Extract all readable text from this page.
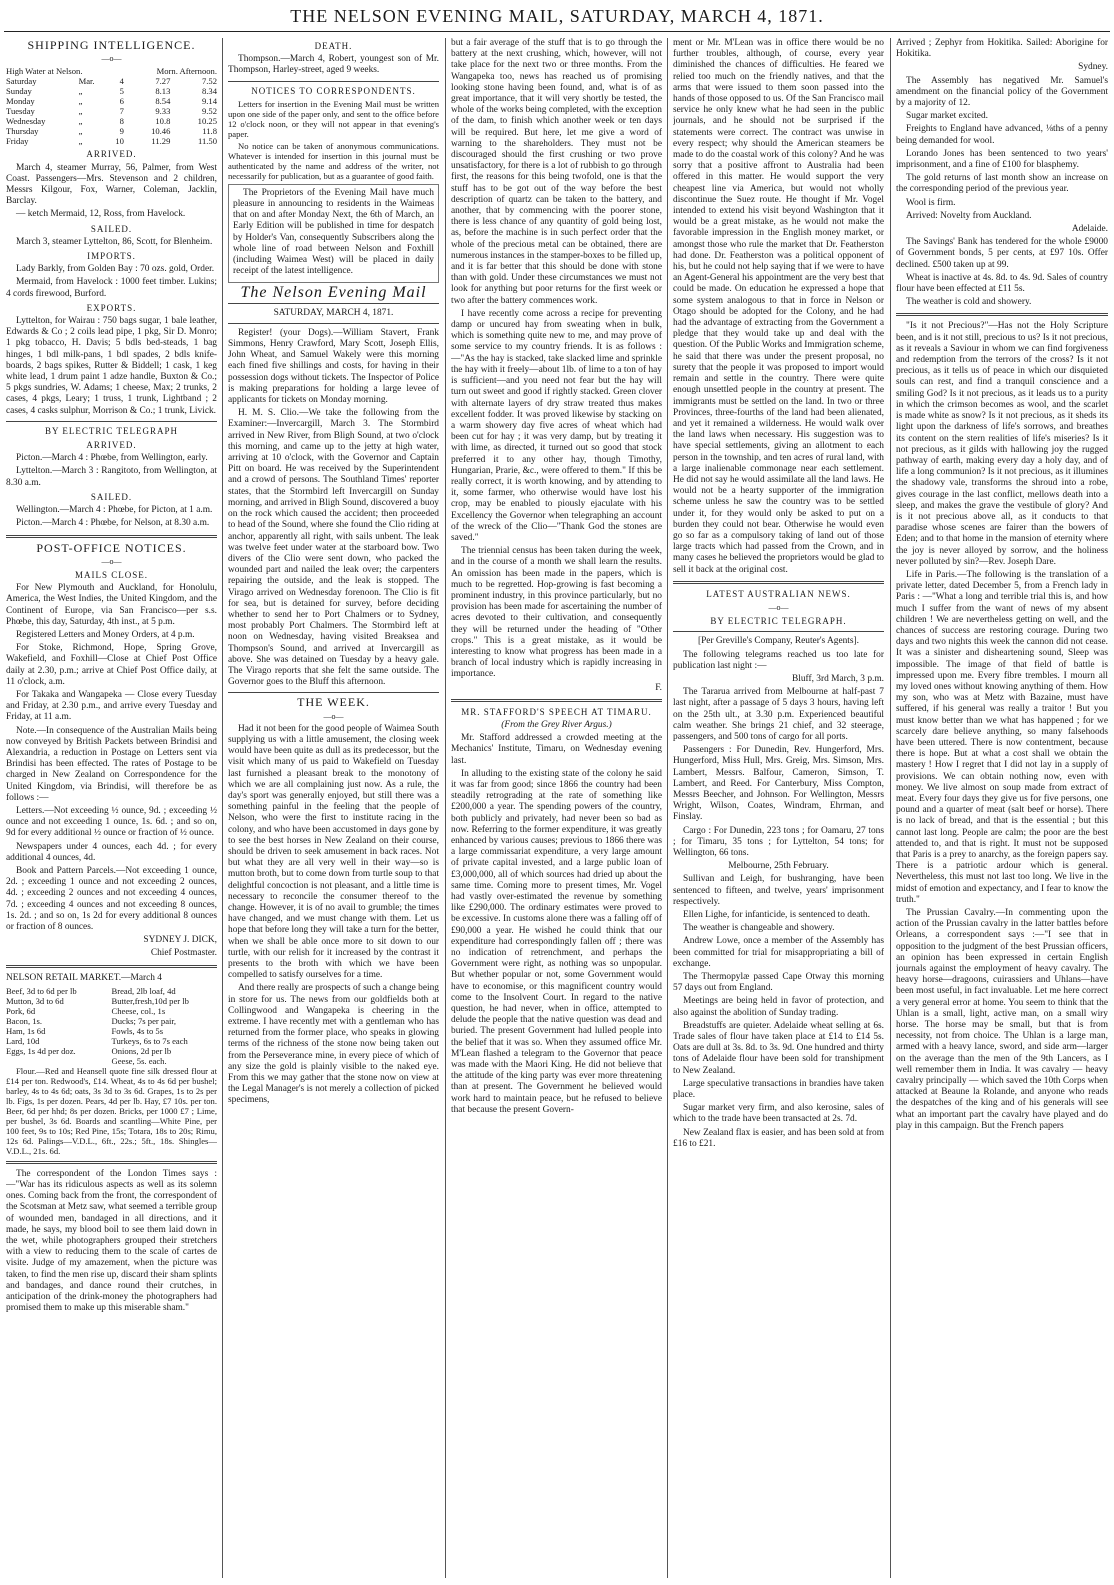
THE NELSON EVENING MAIL, SATURDAY, MARCH 4, 1871.
SHIPPING INTELLIGENCE.
—o—
High Water at Nelson.			Morn. Afternoon.	
Saturday	Mar.	4	7.27	7.52
Sunday	„	5	8.13	8.34
Monday	„	6	8.54	9.14
Tuesday	„	7	9.33	9.52
Wednesday	„	8	10.8	10.25
Thursday	„	9	10.46	11.8
Friday	„	10	11.29	11.50
ARRIVED.

March 4, steamer Murray, 56, Palmer, from West Coast. Passengers—Mrs. Stevenson and 2 children, Messrs Kilgour, Fox, Warner, Coleman, Jacklin, Barclay.

— ketch Mermaid, 12, Ross, from Havelock.

SAILED.

March 3, steamer Lyttelton, 86, Scott, for Blenheim.

IMPORTS.

Lady Barkly, from Golden Bay : 70 ozs. gold, Order.

Mermaid, from Havelock : 1000 feet timber. Lukins; 4 cords firewood, Burford.

EXPORTS.

Lyttelton, for Wairau : 750 bags sugar, 1 bale leather, Edwards & Co ; 2 coils lead pipe, 1 pkg, Sir D. Monro; 1 pkg tobacco, H. Davis; 5 bdls bed-steads, 1 bag hinges, 1 bdl milk-pans, 1 bdl spades, 2 bdls knife-boards, 2 bags spikes, Rutter & Biddell; 1 cask, 1 keg white lead, 1 drum paint 1 adze handle, Buxton & Co.; 5 pkgs sundries, W. Adams; 1 cheese, Max; 2 trunks, 2 cases, 4 pkgs, Leary; 1 truss, 1 trunk, Lightband ; 2 cases, 4 casks sulphur, Morrison & Co.; 1 trunk, Livick.

BY ELECTRIC TELEGRAPH
ARRIVED.

Picton.—March 4 : Phœbe, from Wellington, early.

Lyttelton.—March 3 : Rangitoto, from Wellington, at 8.30 a.m.

SAILED.

Wellington.—March 4 : Phœbe, for Picton, at 1 a.m.

Picton.—March 4 : Phœbe, for Nelson, at 8.30 a.m.

POST-OFFICE NOTICES.
—o—
MAILS CLOSE.

For New Plymouth and Auckland, for Honolulu, America, the West Indies, the United Kingdom, and the Continent of Europe, via San Francisco—per s.s. Phœbe, this day, Saturday, 4th inst., at 5 p.m.

Registered Letters and Money Orders, at 4 p.m.

For Stoke, Richmond, Hope, Spring Grove, Wakefield, and Foxhill—Close at Chief Post Office daily at 2.30, p.m.; arrive at Chief Post Office daily, at 11 o'clock, a.m.

For Takaka and Wangapeka — Close every Tuesday and Friday, at 2.30 p.m., and arrive every Tuesday and Friday, at 11 a.m.

Note.—In consequence of the Australian Mails being now conveyed by British Packets between Brindisi and Alexandria, a reduction in Postage on Letters sent via Brindisi has been effected. The rates of Postage to be charged in New Zealand on Correspondence for the United Kingdom, via Brindisi, will therefore be as follows :—

Letters.—Not exceeding ½ ounce, 9d. ; exceeding ½ ounce and not exceeding 1 ounce, 1s. 6d. ; and so on, 9d for every additional ½ ounce or fraction of ½ ounce.

Newspapers under 4 ounces, each 4d. ; for every additional 4 ounces, 4d.

Book and Pattern Parcels.—Not exceeding 1 ounce, 2d. ; exceeding 1 ounce and not exceeding 2 ounces, 4d. ; exceeding 2 ounces and not exceeding 4 ounces, 7d. ; exceeding 4 ounces and not exceeding 8 ounces, 1s. 2d. ; and so on, 1s 2d for every additional 8 ounces or fraction of 8 ounces.

SYDNEY J. DICK,

Chief Postmaster.

NELSON RETAIL MARKET.—March 4

Beef, 3d to 6d per lb	Bread, 2lb loaf, 4d
Mutton, 3d to 6d	Butter,fresh,10d per lb
Pork, 6d	Cheese, col., 1s
Bacon, 1s.	Ducks; 7s per pair,
Ham, 1s 6d	Fowls, 4s to 5s
Lard, 10d	Turkeys, 6s to 7s each
Eggs, 1s 4d per doz.	Onions, 2d per lb
	Geese, 5s. each.

Flour.—Red and Heansell quote fine silk dressed flour at £14 per ton. Redwood's, £14. Wheat, 4s to 4s 6d per bushel; barley, 4s to 4s 6d; oats, 3s 3d to 3s 6d. Grapes, 1s to 2s per lb. Figs, 1s per dozen. Pears, 4d per lb. Hay, £7 10s. per ton. Beer, 6d per hhd; 8s per dozen. Bricks, per 1000 £7 ; Lime, per bushel, 3s 6d. Boards and scantling—White Pine, per 100 feet, 9s to 10s; Red Pine, 15s; Totara, 18s to 20s; Rimu, 12s 6d. Palings—V.D.L., 6ft., 22s.; 5ft., 18s. Shingles—V.D.L., 21s. 6d.

The correspondent of the London Times says :—"War has its ridiculous aspects as well as its solemn ones. Coming back from the front, the correspondent of the Scotsman at Metz saw, what seemed a terrible group of wounded men, bandaged in all directions, and it made, he says, my blood boil to see them laid down in the wet, while photographers grouped their stretchers with a view to reducing them to the scale of cartes de visite. Judge of my amazement, when the picture was taken, to find the men rise up, discard their sham splints and bandages, and dance round their crutches, in anticipation of the drink-money the photographers had promised them to make up this miserable sham."

DEATH.

Thompson.—March 4, Robert, youngest son of Mr. Thompson, Harley-street, aged 9 weeks.

NOTICES TO CORRESPONDENTS.

Letters for insertion in the Evening Mail must be written upon one side of the paper only, and sent to the office before 12 o'clock noon, or they will not appear in that evening's paper.

No notice can be taken of anonymous communications. Whatever is intended for insertion in this journal must be authenticated by the name and address of the writer, not necessarily for publication, but as a guarantee of good faith.

The Proprietors of the Evening Mail have much pleasure in announcing to residents in the Waimeas that on and after Monday Next, the 6th of March, an Early Edition will be published in time for despatch by Holder's Van, consequently Subscribers along the whole line of road between Nelson and Foxhill (including Waimea West) will be placed in daily receipt of the latest intelligence.

The Nelson Evening Mail

SATURDAY, MARCH 4, 1871.

Register! (your Dogs).—William Stavert, Frank Simmons, Henry Crawford, Mary Scott, Joseph Ellis, John Wheat, and Samuel Wakely were this morning each fined five shillings and costs, for having in their possession dogs without tickets. The Inspector of Police is making preparations for holding a large levee of applicants for tickets on Monday morning.

H. M. S. Clio.—We take the following from the Examiner:—Invercargill, March 3. The Stormbird arrived in New River, from Bligh Sound, at two o'clock this morning, and came up to the jetty at high water, arriving at 10 o'clock, with the Governor and Captain Pitt on board. He was received by the Superintendent and a crowd of persons. The Southland Times' reporter states, that the Stormbird left Invercargill on Sunday morning, and arrived in Bligh Sound, discovered a buoy on the rock which caused the accident; then proceeded to head of the Sound, where she found the Clio riding at anchor, apparently all right, with sails unbent. The leak was twelve feet under water at the starboard bow. Two divers of the Clio were sent down, who packed the wounded part and nailed the leak over; the carpenters repairing the outside, and the leak is stopped. The Virago arrived on Wednesday forenoon. The Clio is fit for sea, but is detained for survey, before deciding whether to send her to Port Chalmers or to Sydney, most probably Port Chalmers. The Stormbird left at noon on Wednesday, having visited Breaksea and Thompson's Sound, and arrived at Invercargill as above. She was detained on Tuesday by a heavy gale. The Virago reports that she felt the same outside. The Governor goes to the Bluff this afternoon.

THE WEEK.
—o—

Had it not been for the good people of Waimea South supplying us with a little amusement, the closing week would have been quite as dull as its predecessor, but the visit which many of us paid to Wakefield on Tuesday last furnished a pleasant break to the monotony of which we are all complaining just now. As a rule, the day's sport was generally enjoyed, but still there was a something painful in the feeling that the people of Nelson, who were the first to institute racing in the colony, and who have been accustomed in days gone by to see the best horses in New Zealand on their course, should be driven to seek amusement in back races. Not but what they are all very well in their way—so is mutton broth, but to come down from turtle soup to that delightful concoction is not pleasant, and a little time is necessary to reconcile the consumer thereof to the change. However, it is of no avail to grumble; the times have changed, and we must change with them. Let us hope that before long they will take a turn for the better, when we shall be able once more to sit down to our turtle, with our relish for it increased by the contrast it presents to the broth with which we have been compelled to satisfy ourselves for a time.

And there really are prospects of such a change being in store for us. The news from our goldfields both at Collingwood and Wangapeka is cheering in the extreme. I have recently met with a gentleman who has returned from the former place, who speaks in glowing terms of the richness of the stone now being taken out from the Perseverance mine, in every piece of which of any size the gold is plainly visible to the naked eye. From this we may gather that the stone now on view at the Legal Manager's is not merely a collection of picked specimens,

but a fair average of the stuff that is to go through the battery at the next crushing, which, however, will not take place for the next two or three months. From the Wangapeka too, news has reached us of promising looking stone having been found, and, what is of as great importance, that it will very shortly be tested, the whole of the works being completed, with the exception of the dam, to finish which another week or ten days will be required. But here, let me give a word of warning to the shareholders. They must not be discouraged should the first crushing or two prove unsatisfactory, for there is a lot of rubbish to go through first, the reasons for this being twofold, one is that the stuff has to be got out of the way before the best description of quartz can be taken to the battery, and another, that by commencing with the poorer stone, there is less chance of any quantity of gold being lost, as, before the machine is in such perfect order that the whole of the precious metal can be obtained, there are numerous instances in the stamper-boxes to be filled up, and it is far better that this should be done with stone than with gold. Under these circumstances we must not look for anything but poor returns for the first week or two after the battery commences work.

I have recently come across a recipe for preventing damp or uncured hay from sweating when in bulk, which is something quite new to me, and may prove of some service to my country friends. It is as follows :—"As the hay is stacked, take slacked lime and sprinkle the hay with it freely—about 1lb. of lime to a ton of hay is sufficient—and you need not fear but the hay will turn out sweet and good if rightly stacked. Green clover with alternate layers of dry straw treated thus makes excellent fodder. It was proved likewise by stacking on a warm showery day five acres of wheat which had been cut for hay ; it was very damp, but by treating it with lime, as directed, it turned out so good that stock preferred it to any other hay, though Timothy, Hungarian, Prarie, &c., were offered to them." If this be really correct, it is worth knowing, and by attending to it, some farmer, who otherwise would have lost his crop, may be enabled to piously ejaculate with his Excellency the Governor when telegraphing an account of the wreck of the Clio—"Thank God the stones are saved."

The triennial census has been taken during the week, and in the course of a month we shall learn the results. An omission has been made in the papers, which is much to be regretted. Hop-growing is fast becoming a prominent industry, in this province particularly, but no provision has been made for ascertaining the number of acres devoted to their cultivation, and consequently they will be returned under the heading of "Other crops." This is a great mistake, as it would be interesting to know what progress has been made in a branch of local industry which is rapidly increasing in importance.

F.

MR. STAFFORD'S SPEECH AT TIMARU.

(From the Grey River Argus.)

Mr. Stafford addressed a crowded meeting at the Mechanics' Institute, Timaru, on Wednesday evening last.

In alluding to the existing state of the colony he said it was far from good; since 1866 the country had been steadily retrograding at the rate of something like £200,000 a year. The spending powers of the country, both publicly and privately, had never been so bad as now. Referring to the former expenditure, it was greatly enhanced by various causes; previous to 1866 there was a large commissariat expenditure, a very large amount of private capital invested, and a large public loan of £3,000,000, all of which sources had dried up about the same time. Coming more to present times, Mr. Vogel had vastly over-estimated the revenue by something like £290,000. The ordinary estimates were proved to be excessive. In customs alone there was a falling off of £90,000 a year. He wished he could think that our expenditure had correspondingly fallen off ; there was no indication of retrenchment, and perhaps the Government were right, as nothing was so unpopular. But whether popular or not, some Government would have to economise, or this magnificent country would come to the Insolvent Court. In regard to the native question, he had never, when in office, attempted to delude the people that the native question was dead and buried. The present Government had lulled people into the belief that it was so. When they assumed office Mr. M'Lean flashed a telegram to the Governor that peace was made with the Maori King. He did not believe that the attitude of the king party was ever more threatening than at present. The Government he believed would work hard to maintain peace, but he refused to believe that because the present Govern-

ment or Mr. M'Lean was in office there would be no further troubles, although, of course, every year diminished the chances of difficulties. He feared we relied too much on the friendly natives, and that the arms that were issued to them soon passed into the hands of those opposed to us. Of the San Francisco mail service he only knew what he had seen in the public journals, and he should not be surprised if the statements were correct. The contract was unwise in every respect; why should the American steamers be made to do the coastal work of this colony? And he was sorry that a positive affront to Australia had been offered in this matter. He would support the very cheapest line via America, but would not wholly discontinue the Suez route. He thought if Mr. Vogel intended to extend his visit beyond Washington that it would be a great mistake, as he would not make the favorable impression in the English money market, or amongst those who rule the market that Dr. Featherston had done. Dr. Featherston was a political opponent of his, but he could not help saying that if we were to have an Agent-General his appointment are the very best that could be made. On education he expressed a hope that some system analogous to that in force in Nelson or Otago should be adopted for the Colony, and he had had the advantage of extracting from the Government a pledge that they would take up and deal with the question. Of the Public Works and Immigration scheme, he said that there was under the present proposal, no surety that the people it was proposed to import would remain and settle in the country. There were quite enough unsettled people in the country at present. The immigrants must be settled on the land. In two or three Provinces, three-fourths of the land had been alienated, and yet it remained a wilderness. He would walk over the land laws when necessary. His suggestion was to have special settlements, giving an allotment to each person in the township, and ten acres of rural land, with a large inalienable commonage near each settlement. He did not say he would assimilate all the land laws. He would not be a hearty supporter of the immigration scheme unless he saw the country was to be settled under it, for they would only be asked to put on a burden they could not bear. Otherwise he would even go so far as a compulsory taking of land out of those large tracts which had passed from the Crown, and in many cases he believed the proprietors would be glad to sell it back at the original cost.

LATEST AUSTRALIAN NEWS.
—o—
BY ELECTRIC TELEGRAPH.

[Per Greville's Company, Reuter's Agents].

The following telegrams reached us too late for publication last night :—

Bluff, 3rd March, 3 p.m.

The Tararua arrived from Melbourne at half-past 7 last night, after a passage of 5 days 3 hours, having left on the 25th ult., at 3.30 p.m. Experienced beautiful calm weather. She brings 21 chief, and 32 steerage, passengers, and 500 tons of cargo for all ports.

Passengers : For Dunedin, Rev. Hungerford, Mrs. Hungerford, Miss Hull, Mrs. Greig, Mrs. Simson, Mrs. Lambert, Messrs. Balfour, Cameron, Simson, T. Lambert, and Reed. For Canterbury, Miss Compton, Messrs Beecher, and Johnson. For Wellington, Messrs Wright, Wilson, Coates, Windram, Ehrman, and Finslay.

Cargo : For Dunedin, 223 tons ; for Oamaru, 27 tons ; for Timaru, 35 tons ; for Lyttelton, 54 tons; for Wellington, 66 tons.

Melbourne, 25th February.

Sullivan and Leigh, for bushranging, have been sentenced to fifteen, and twelve, years' imprisonment respectively.

Ellen Lighe, for infanticide, is sentenced to death.

The weather is changeable and showery.

Andrew Lowe, once a member of the Assembly has been committed for trial for misappropriating a bill of exchange.

The Thermopylæ passed Cape Otway this morning 57 days out from England.

Meetings are being held in favor of protection, and also against the abolition of Sunday trading.

Breadstuffs are quieter. Adelaide wheat selling at 6s. Trade sales of flour have taken place at £14 to £14 5s. Oats are dull at 3s. 8d. to 3s. 9d. One hundred and thirty tons of Adelaide flour have been sold for transhipment to New Zealand.

Large speculative transactions in brandies have taken place.

Sugar market very firm, and also kerosine, sales of which to the trade have been transacted at 2s. 7d.

New Zealand flax is easier, and has been sold at from £16 to £21.

Arrived ; Zephyr from Hokitika. Sailed: Aborigine for Hokitika.

Sydney.

The Assembly has negatived Mr. Samuel's amendment on the financial policy of the Government by a majority of 12.

Sugar market excited.

Freights to England have advanced, ⅛ths of a penny being demanded for wool.

Lorando Jones has been sentenced to two years' imprisonment, and a fine of £100 for blasphemy.

The gold returns of last month show an increase on the corresponding period of the previous year.

Wool is firm.

Arrived: Novelty from Auckland.

Adelaide.

The Savings' Bank has tendered for the whole £9000 of Government bonds, 5 per cents, at £97 10s. Offer declined. £500 taken up at 99.

Wheat is inactive at 4s. 8d. to 4s. 9d. Sales of country flour have been effected at £11 5s.

The weather is cold and showery.

"Is it not Precious?"—Has not the Holy Scripture been, and is it not still, precious to us? Is it not precious, as it reveals a Saviour in whom we can find forgiveness and redemption from the terrors of the cross? Is it not precious, as it tells us of peace in which our disquieted souls can rest, and find a tranquil conscience and a smiling God? Is it not precious, as it leads us to a purity in which the crimson becomes as wool, and the scarlet is made white as snow? Is it not precious, as it sheds its light upon the darkness of life's sorrows, and breathes its content on the stern realities of life's miseries? Is it not precious, as it gilds with hallowing joy the rugged pathway of earth, making every day a holy day, and of life a long communion? Is it not precious, as it illumines the shadowy vale, transforms the shroud into a robe, gives courage in the last conflict, mellows death into a sleep, and makes the grave the vestibule of glory? And is it not precious above all, as it conducts to that paradise whose scenes are fairer than the bowers of Eden; and to that home in the mansion of eternity where the joy is never alloyed by sorrow, and the holiness never polluted by sin?—Rev. Joseph Dare.

Life in Paris.—The following is the translation of a private letter, dated December 5, from a French lady in Paris : —"What a long and terrible trial this is, and how much I suffer from the want of news of my absent children ! We are nevertheless getting on well, and the chances of success are restoring courage. During two days and two nights this week the cannon did not cease. It was a sinister and disheartening sound, Sleep was impossible. The image of that field of battle is impressed upon me. Every fibre trembles. I mourn all my loved ones without knowing anything of them. How my son, who was at Metz with Bazaine, must have suffered, if his general was really a traitor ! But you must know better than we what has happened ; for we scarcely dare believe anything, so many falsehoods have been uttered. There is now contentment, because there is hope. But at what a cost shall we obtain the mastery ! How I regret that I did not lay in a supply of provisions. We can obtain nothing now, even with money. We live almost on soup made from extract of meat. Every four days they give us for five persons, one pound and a quarter of meat (salt beef or horse). There is no lack of bread, and that is the essential ; but this cannot last long. People are calm; the poor are the best attended to, and that is right. It must not be supposed that Paris is a prey to anarchy, as the foreign papers say. There is a patriotic ardour which is general. Nevertheless, this must not last too long. We live in the midst of emotion and expectancy, and I fear to know the truth."

The Prussian Cavalry.—In commenting upon the action of the Prussian cavalry in the latter battles before Orleans, a correspondent says :—"I see that in opposition to the judgment of the best Prussian officers, an opinion has been expressed in certain English journals against the employment of heavy cavalry. The heavy horse—dragoons, cuirassiers and Uhlans—have been most useful, in fact invaluable. Let me here correct a very general error at home. You seem to think that the Uhlan is a small, light, active man, on a small wiry horse. The horse may be small, but that is from necessity, not from choice. The Uhlan is a large man, armed with a heavy lance, sword, and side arm—larger on the average than the men of the 9th Lancers, as I well remember them in India. It was cavalry — heavy cavalry principally — which saved the 10th Corps when attacked at Beaune la Rolande, and anyone who reads the despatches of the king and of his generals will see what an important part the cavalry have played and do play in this campaign. But the French papers
